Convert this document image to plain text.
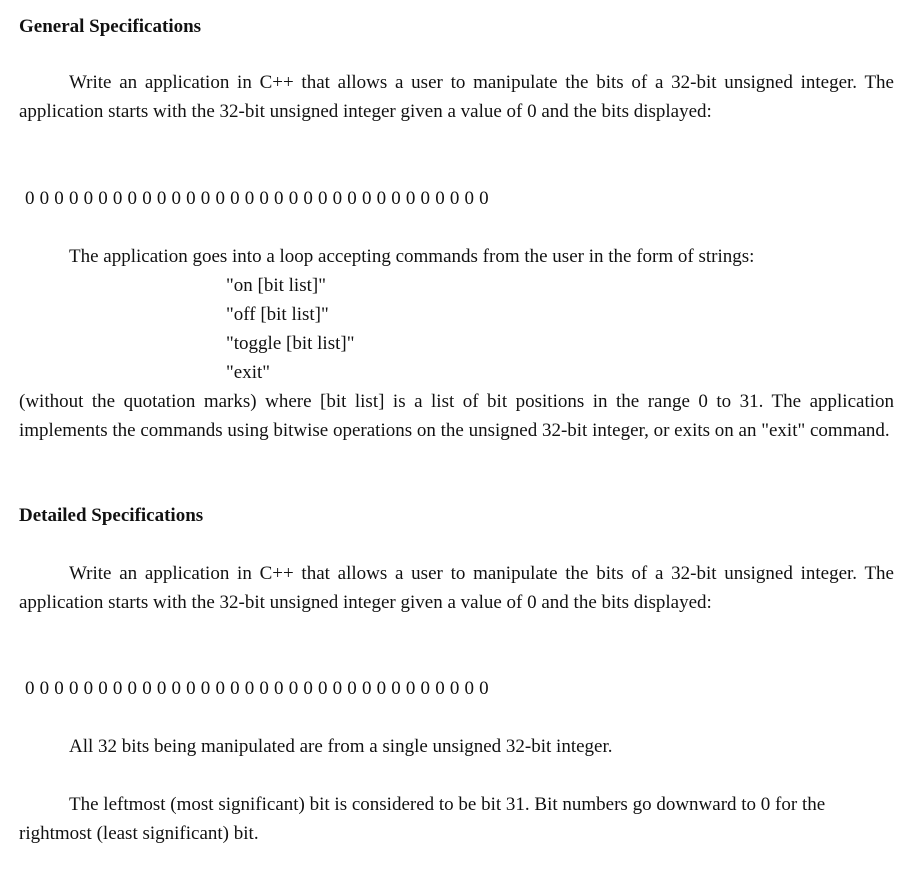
General Specifications

Write an application in C++ that allows a user to manipulate the bits of a 32-bit unsigned integer. The application starts with the 32-bit unsigned integer given a value of 0 and the bits displayed:

0 0 0 0 0 0 0 0 0 0 0 0 0 0 0 0 0 0 0 0 0 0 0 0 0 0 0 0 0 0 0 0

The application goes into a loop accepting commands from the user in the form of strings:

"on [bit list]"

"off [bit list]"

"toggle [bit list]"

"exit"

(without the quotation marks) where [bit list] is a list of bit positions in the range 0 to 31. The application implements the commands using bitwise operations on the unsigned 32-bit integer, or exits on an "exit" command.

Detailed Specifications

Write an application in C++ that allows a user to manipulate the bits of a 32-bit unsigned integer. The application starts with the 32-bit unsigned integer given a value of 0 and the bits displayed:

0 0 0 0 0 0 0 0 0 0 0 0 0 0 0 0 0 0 0 0 0 0 0 0 0 0 0 0 0 0 0 0

All 32 bits being manipulated are from a single unsigned 32-bit integer.

The leftmost (most significant) bit is considered to be bit 31. Bit numbers go downward to 0 for the rightmost (least significant) bit.
